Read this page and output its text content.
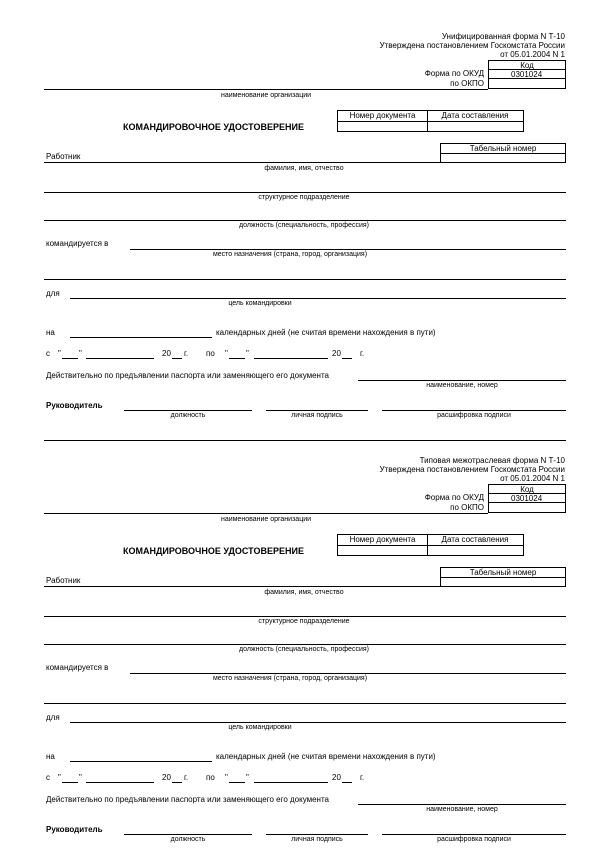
Унифицированная форма N Т-10
Утверждена постановлением Госкомстата России
от 05.01.2004 N 1
Код
Форма по ОКУД	0301024
по ОКПО
наименование организации
КОМАНДИРОВОЧНОЕ УДОСТОВЕРЕНИЕ
Номер документа	Дата составления
Табельный номер
Работник
фамилия, имя, отчество
структурное подразделение
должность (специальность, профессия)
командируется в
место назначения (страна, город, организация)
для
цель командировки
на	календарных дней (не считая времени нахождения в пути)
с " "	20 г. по " "	20 г.
Действительно по предъявлении паспорта или заменяющего его документа
наименование, номер
Руководитель
должность	личная подпись	расшифровка подписи
Типовая межотраслевая форма N Т-10
Утверждена постановлением Госкомстата России
от 05.01.2004 N 1
Код
Форма по ОКУД	0301024
по ОКПО
наименование организации
КОМАНДИРОВОЧНОЕ УДОСТОВЕРЕНИЕ
Номер документа	Дата составления
Табельный номер
Работник
фамилия, имя, отчество
структурное подразделение
должность (специальность, профессия)
командируется в
место назначения (страна, город, организация)
для
цель командировки
на	календарных дней (не считая времени нахождения в пути)
с " "	20 г. по " "	20 г.
Действительно по предъявлении паспорта или заменяющего его документа
наименование, номер
Руководитель
должность	личная подпись	расшифровка подписи
